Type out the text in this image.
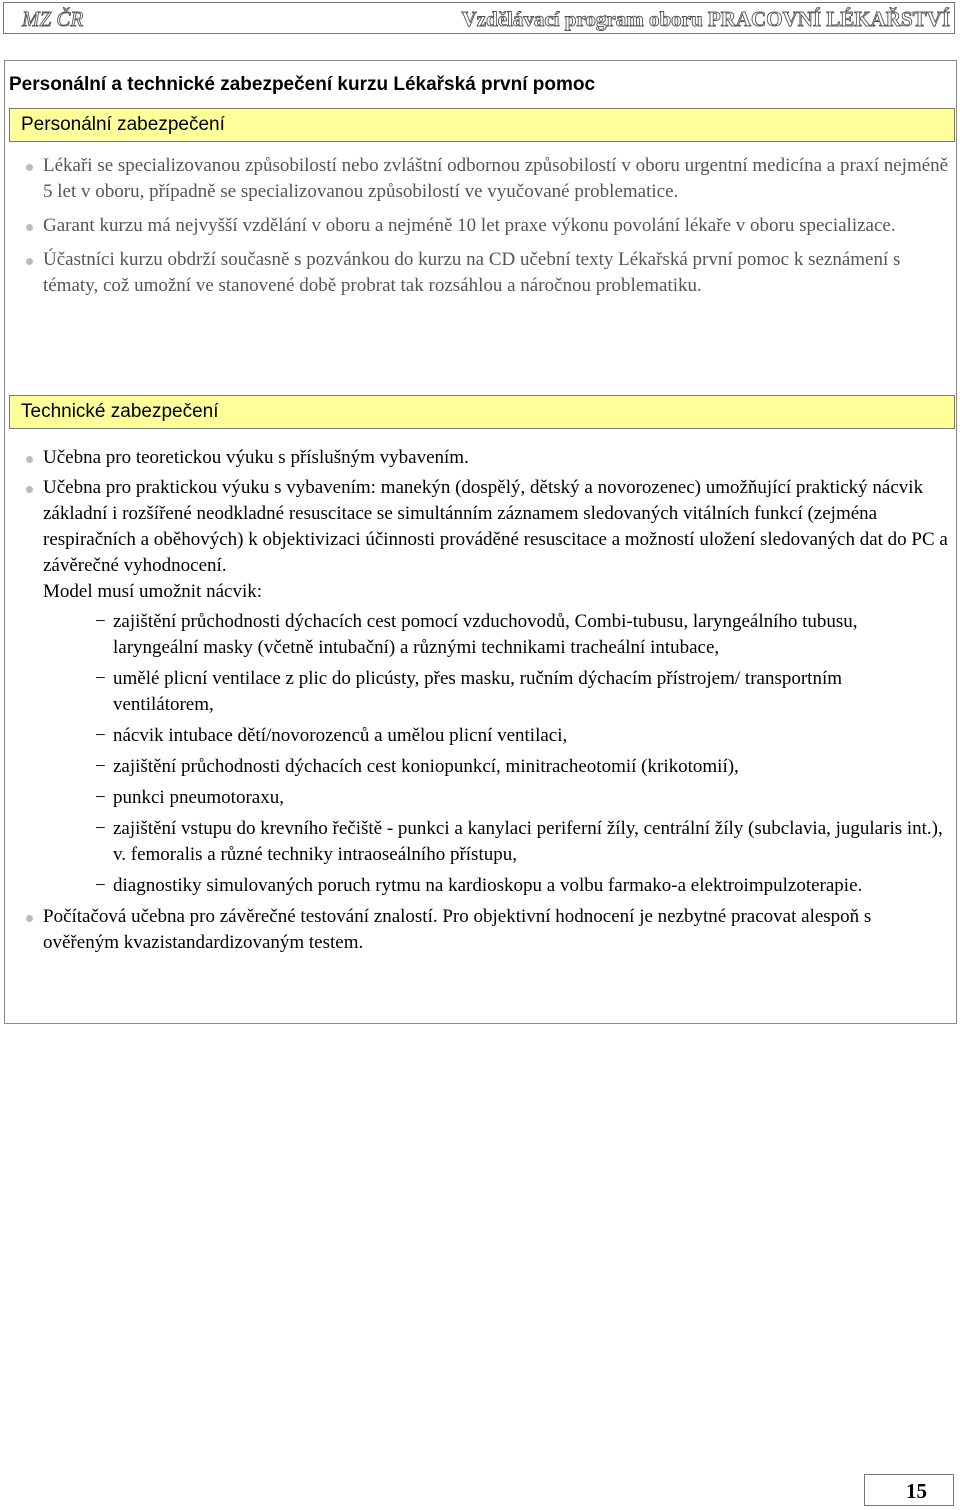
MZ ČR	Vzdělávací program oboru PRACOVNÍ LÉKAŘSTVÍ
Personální a technické zabezpečení kurzu Lékařská první pomoc
Personální zabezpečení
Lékaři se specializovanou způsobilostí nebo zvláštní odbornou způsobilostí v oboru urgentní medicína a praxí nejméně 5 let v oboru, případně se specializovanou způsobilostí ve vyučované problematice.
Garant kurzu má nejvyšší vzdělání v oboru a nejméně 10 let praxe výkonu povolání lékaře v oboru specializace.
Účastníci kurzu obdrží současně s pozvánkou do kurzu na CD učební texty Lékařská první pomoc k seznámení s tématy, což umožní ve stanovené době probrat tak rozsáhlou a náročnou problematiku.
Technické zabezpečení
Učebna pro teoretickou výuku s příslušným vybavením.
Učebna pro praktickou výuku s vybavením: manekýn (dospělý, dětský a novorozenec) umožňující praktický nácvik základní i rozšířené neodkladné resuscitace se simultánním záznamem sledovaných vitálních funkcí (zejména respiračních a oběhových) k objektivizaci účinnosti prováděné resuscitace a možností uložení sledovaných dat do PC a závěrečné vyhodnocení.
Model musí umožnit nácvik:
− zajištění průchodnosti dýchacích cest pomocí vzduchovodů, Combi-tubusu, laryngeálního tubusu, laryngeální masky (včetně intubační) a různými technikami tracheální intubace,
− umělé plicní ventilace z plic do plicústy, přes masku, ručním dýchacím přístrojem/ transportním ventilátorem,
− nácvik intubace dětí/novorozenců a umělou plicní ventilaci,
− zajištění průchodnosti dýchacích cest koniopunkcí, minitracheotomií (krikotomií),
− punkci pneumotoraxu,
− zajištění vstupu do krevního řečiště - punkci a kanylaci periferní žíly, centrální žíly (subclavia, jugularis int.), v. femoralis a různé techniky intraoseálního přístupu,
− diagnostiky simulovaných poruch rytmu na kardioskopu a volbu farmako-a elektroimpulzoterapie.
Počítačová učebna pro závěrečné testování znalostí. Pro objektivní hodnocení je nezbytné pracovat alespoň s ověřeným kvazistandardizovaným testem.
15
